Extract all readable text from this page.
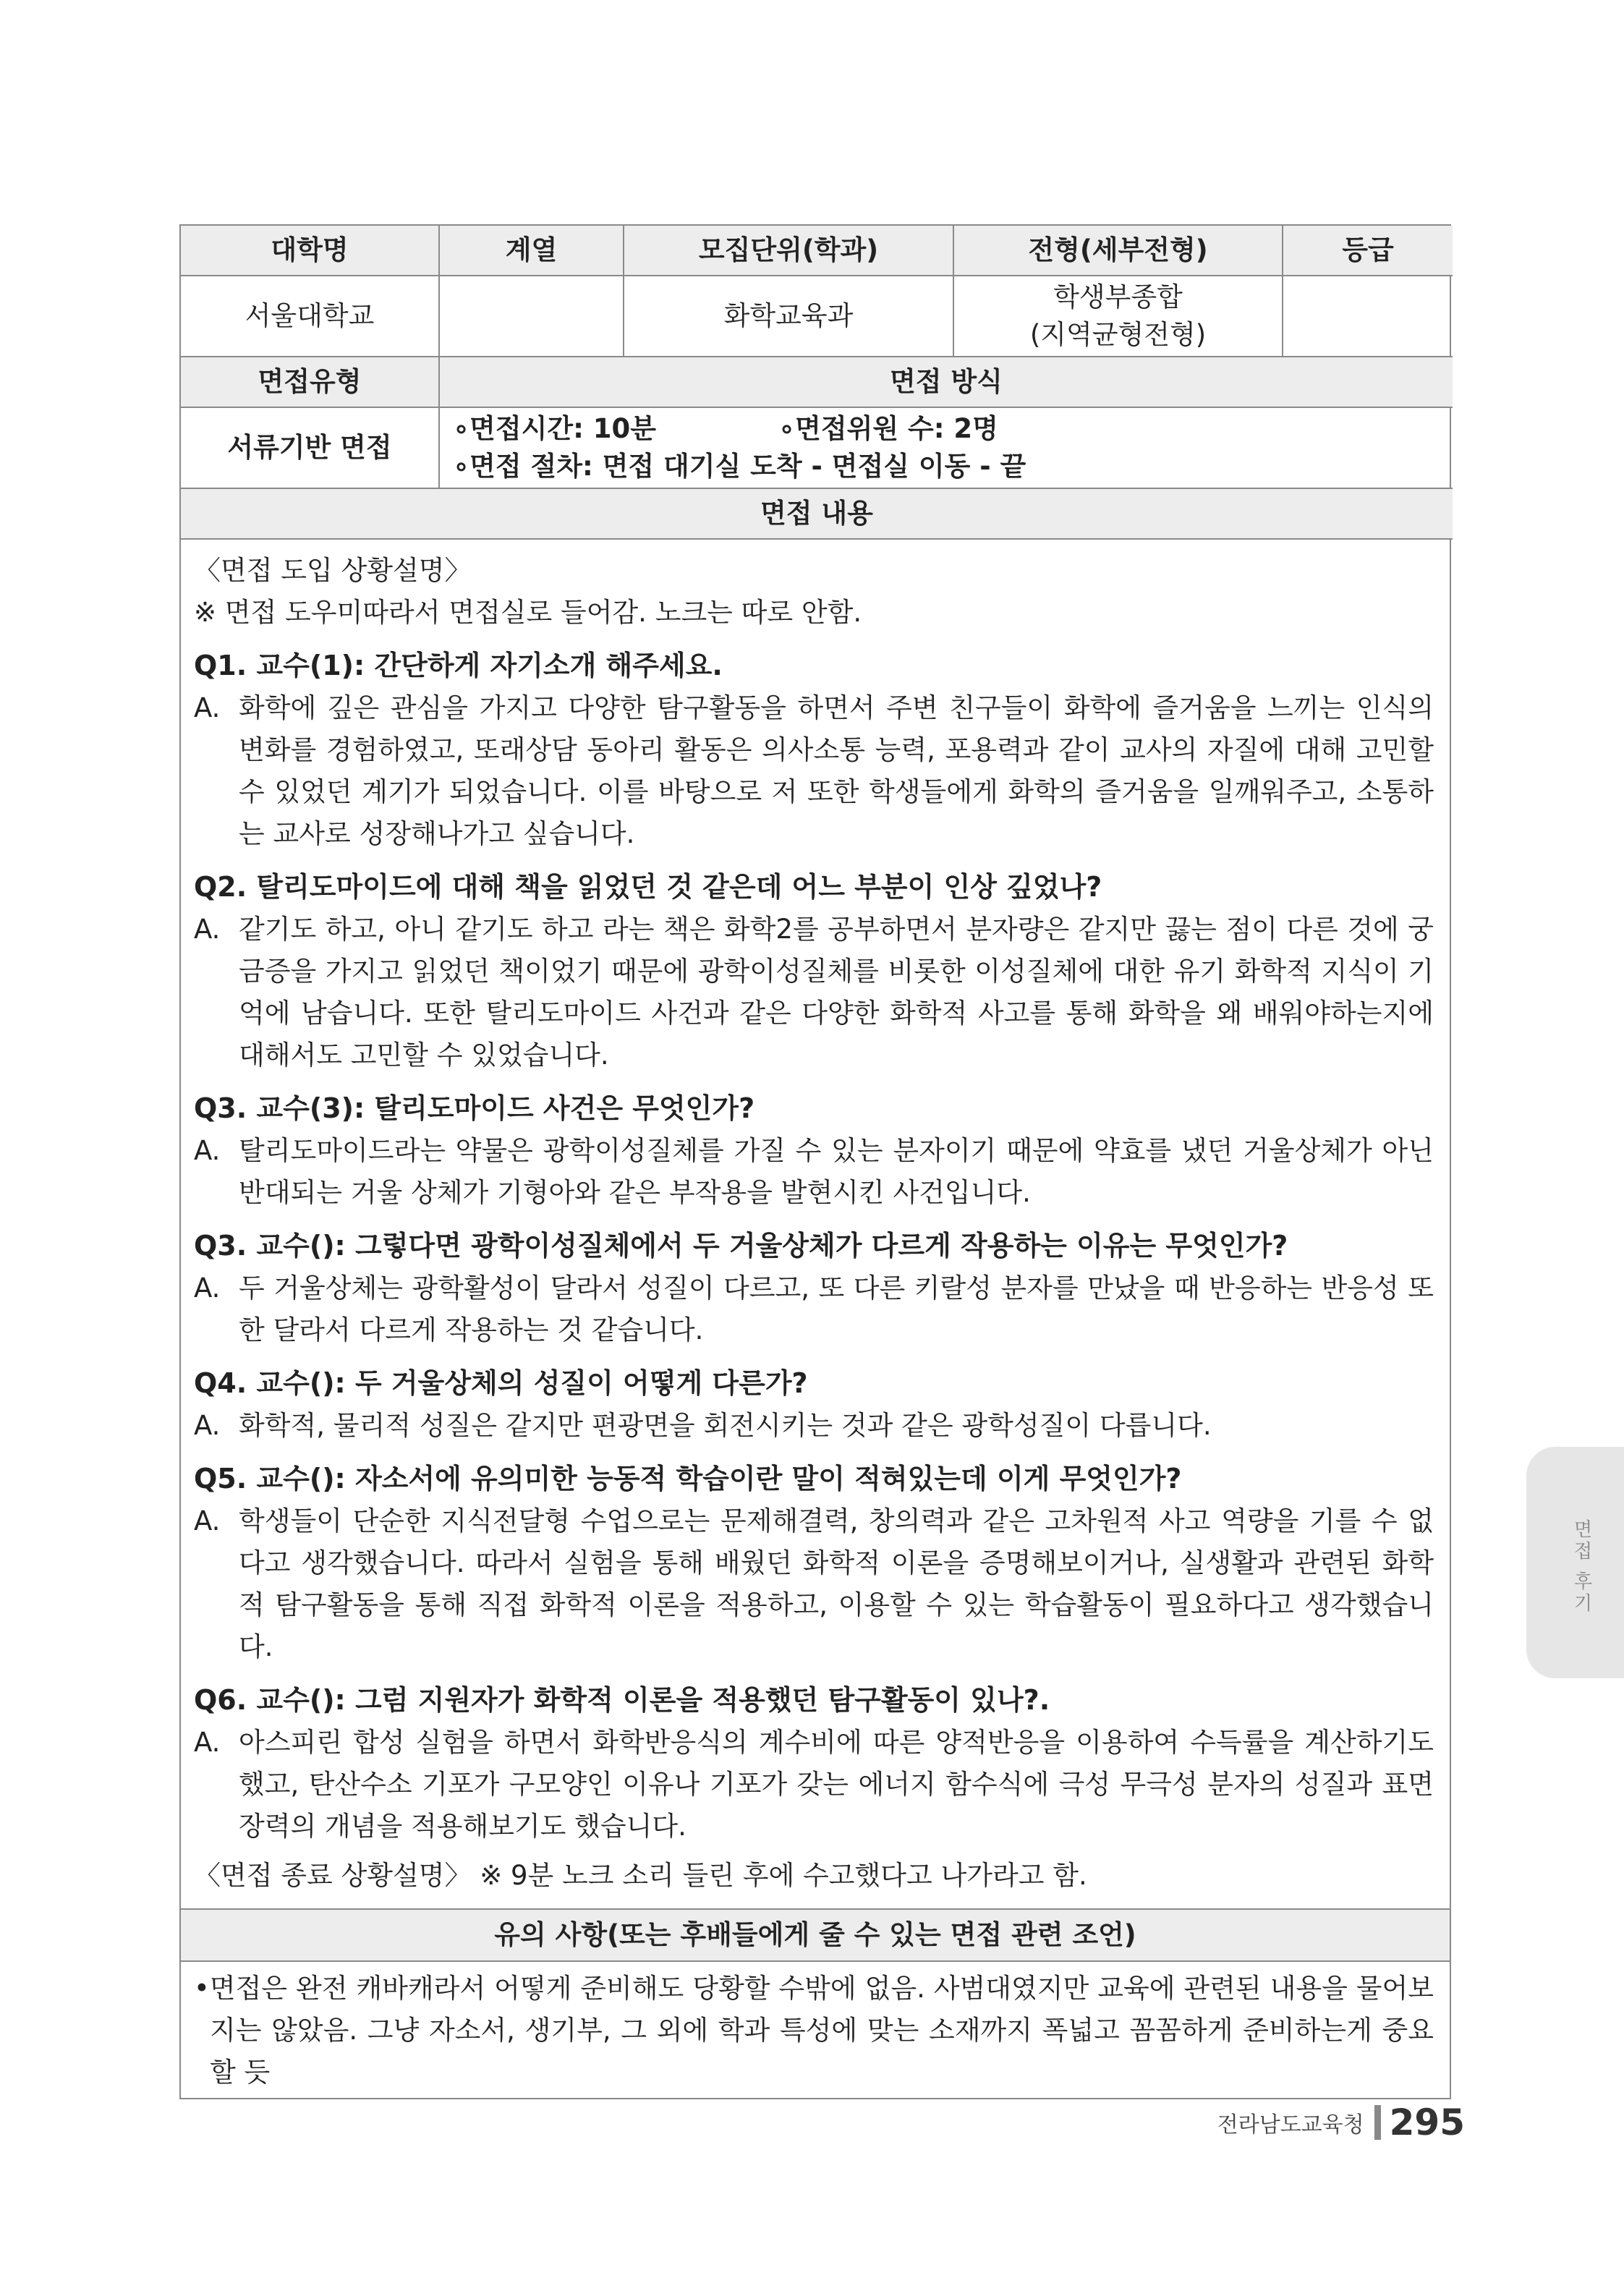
대학명	계열	모집단위(학과)	전형(세부전형)	등급
서울대학교		화학교육과	학생부종합
(지역균형전형)	

면접유형	면접 방식			
서류기반 면접	∘면접시간: 10분 ∘면접위원 수: 2명
∘면접 절차: 면접 대기실 도착 - 면접실 이동 - 끝			

면접 내용				
〈면접 도입 상황설명〉
※ 면접 도우미따라서 면접실로 들어감. 노크는 따로 안함.
Q1. 교수(1): 간단하게 자기소개 해주세요.
A. 화학에 깊은 관심을 가지고 다양한 탐구활동을 하면서 주변 친구들이 화학에 즐거움을 느끼는 인식의 변화를 경험하였고, 또래상담 동아리 활동은 의사소통 능력, 포용력과 같이 교사의 자질에 대해 고민할 수 있었던 계기가 되었습니다. 이를 바탕으로 저 또한 학생들에게 화학의 즐거움을 일깨워주고, 소통하는 교사로 성장해나가고 싶습니다.
Q2. 탈리도마이드에 대해 책을 읽었던 것 같은데 어느 부분이 인상 깊었나?
A. 같기도 하고, 아니 같기도 하고 라는 책은 화학2를 공부하면서 분자량은 같지만 끓는 점이 다른 것에 궁금증을 가지고 읽었던 책이었기 때문에 광학이성질체를 비롯한 이성질체에 대한 유기 화학적 지식이 기억에 남습니다. 또한 탈리도마이드 사건과 같은 다양한 화학적 사고를 통해 화학을 왜 배워야하는지에 대해서도 고민할 수 있었습니다.
Q3. 교수(3): 탈리도마이드 사건은 무엇인가?
A. 탈리도마이드라는 약물은 광학이성질체를 가질 수 있는 분자이기 때문에 약효를 냈던 거울상체가 아닌 반대되는 거울 상체가 기형아와 같은 부작용을 발현시킨 사건입니다.
Q3. 교수(): 그렇다면 광학이성질체에서 두 거울상체가 다르게 작용하는 이유는 무엇인가?
A. 두 거울상체는 광학활성이 달라서 성질이 다르고, 또 다른 키랄성 분자를 만났을 때 반응하는 반응성 또한 달라서 다르게 작용하는 것 같습니다.
Q4. 교수(): 두 거울상체의 성질이 어떻게 다른가?
A. 화학적, 물리적 성질은 같지만 편광면을 회전시키는 것과 같은 광학성질이 다릅니다.
Q5. 교수(): 자소서에 유의미한 능동적 학습이란 말이 적혀있는데 이게 무엇인가?
A. 학생들이 단순한 지식전달형 수업으로는 문제해결력, 창의력과 같은 고차원적 사고 역량을 기를 수 없다고 생각했습니다. 따라서 실험을 통해 배웠던 화학적 이론을 증명해보이거나, 실생활과 관련된 화학적 탐구활동을 통해 직접 화학적 이론을 적용하고, 이용할 수 있는 학습활동이 필요하다고 생각했습니다.
Q6. 교수(): 그럼 지원자가 화학적 이론을 적용했던 탐구활동이 있나?.
A. 아스피린 합성 실험을 하면서 화학반응식의 계수비에 따른 양적반응을 이용하여 수득률을 계산하기도 했고, 탄산수소 기포가 구모양인 이유나 기포가 갖는 에너지 함수식에 극성 무극성 분자의 성질과 표면장력의 개념을 적용해보기도 했습니다.
〈면접 종료 상황설명〉 ※ 9분 노크 소리 들린 후에 수고했다고 나가라고 함.
유의 사항(또는 후배들에게 줄 수 있는 면접 관련 조언)
•면접은 완전 캐바캐라서 어떻게 준비해도 당황할 수밖에 없음. 사범대였지만 교육에 관련된 내용을 물어보지는 않았음. 그냥 자소서, 생기부, 그 외에 학과 특성에 맞는 소재까지 폭넓고 꼼꼼하게 준비하는게 중요할 듯
면접 후기
전라남도교육청 295
